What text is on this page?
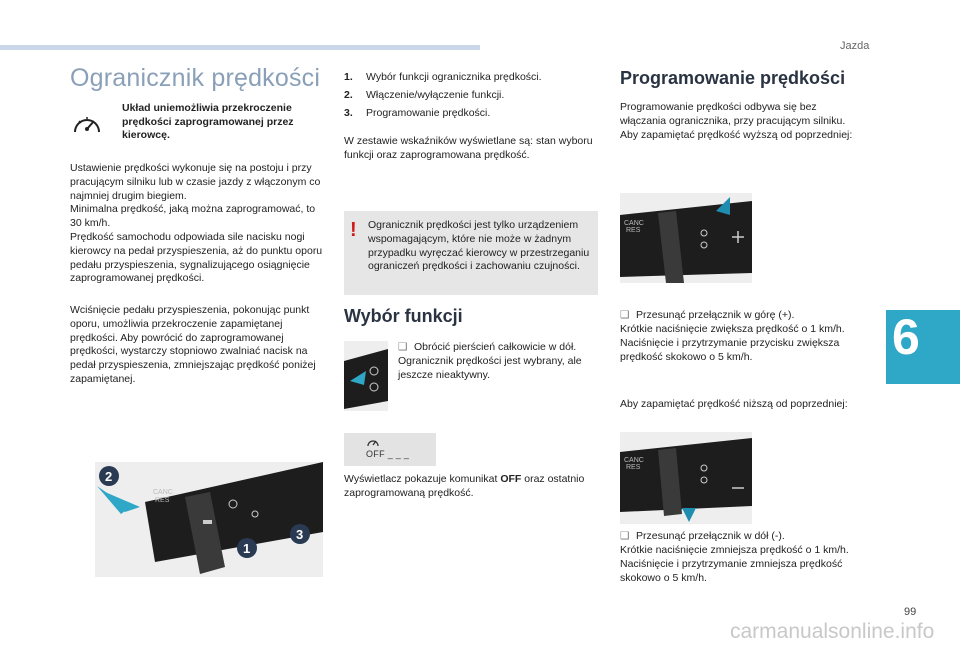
Jazda
Ogranicznik prędkości
Układ uniemożliwia przekroczenie prędkości zaprogramowanej przez kierowcę.

Ustawienie prędkości wykonuje się na postoju i przy pracującym silniku lub w czasie jazdy z włączonym co najmniej drugim biegiem.
Minimalna prędkość, jaką można zaprogramować, to 30 km/h.
Prędkość samochodu odpowiada sile nacisku nogi kierowcy na pedał przyspieszenia, aż do punktu oporu pedału przyspieszenia, sygnalizującego osiągnięcie zaprogramowanej prędkości.

Wciśnięcie pedału przyspieszenia, pokonując punkt oporu, umożliwia przekroczenie zapamiętanej prędkości. Aby powrócić do zaprogramowanej prędkości, wystarczy stopniowo zwalniać nacisk na pedał przyspieszenia, zmniejszając prędkość poniżej zapamiętanej.

CANC
RES
2
1
3
1. Wybór funkcji ogranicznika prędkości.
2. Włączenie/wyłączenie funkcji.
3. Programowanie prędkości.

W zestawie wskaźników wyświetlane są: stan wyboru funkcji oraz zaprogramowana prędkość.

! Ogranicznik prędkości jest tylko urządzeniem wspomagającym, które nie może w żadnym przypadku wyręczać kierowcy w przestrzeganiu ograniczeń prędkości i zachowaniu czujności.
Wybór funkcji
❑ Obrócić pierścień całkowicie w dół. Ogranicznik prędkości jest wybrany, ale jeszcze nieaktywny.
OFF _ _ _

Wyświetlacz pokazuje komunikat OFF oraz ostatnio zaprogramowaną prędkość.

Programowanie prędkości

Programowanie prędkości odbywa się bez włączania ogranicznika, przy pracującym silniku. Aby zapamiętać prędkość wyższą od poprzedniej:

CANC
RES
❑ Przesunąć przełącznik w górę (+).

Krótkie naciśnięcie zwiększa prędkość o 1 km/h.
Naciśnięcie i przytrzymanie przycisku zwiększa prędkość skokowo o 5 km/h.

Aby zapamiętać prędkość niższą od poprzedniej:

CANC
RES
❑ Przesunąć przełącznik w dół (-).

Krótkie naciśnięcie zmniejsza prędkość o 1 km/h.
Naciśnięcie i przytrzymanie zmniejsza prędkość skokowo o 5 km/h.

6
99
carmanualsonline.info
